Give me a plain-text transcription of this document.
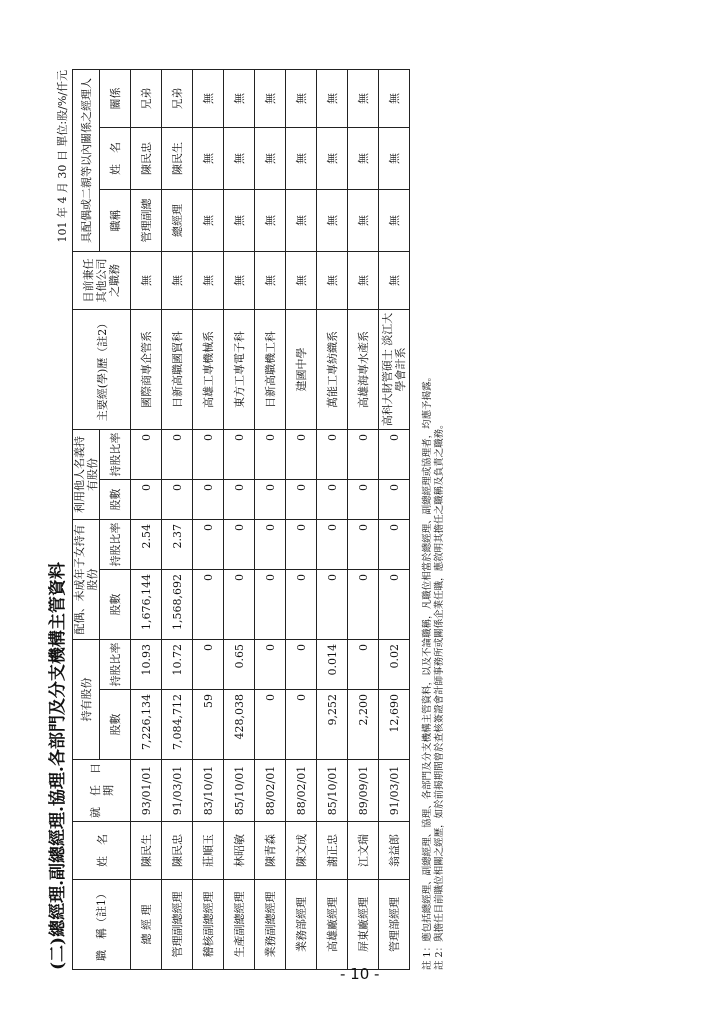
(二)總經理.副總經理.協理.各部門及分支機構主管資料
101 年 4 月 30 日 單位:股/%/仟元
職　稱（註1）	姓　名	就　任　日　期	持有股份		配偶、未成年子女持有股份		利用他人名義持有股份		主要經(學)歷（註2）	目前兼任其他公司之職務	具配偶或二親等以內關係之經理人		
			股數	持股比率	股數	持股比率	股數	持股比率			職稱	姓　名	關係
總 經 理	陳民生	93/01/01	7,226,134	10.93	1,676,144	2.54	0	0	國際商專企管系	無	管理副總	陳民忠	兄弟
管理副總經理	陳民忠	91/03/01	7,084,712	10.72	1,568,692	2.37	0	0	日新高職國貿科	無	總經理	陳民生	兄弟
稽核副總經理	莊順玉	83/10/01	59	0	0	0	0	0	高雄工專機械系	無	無	無	無
生產副總經理	林昭敏	85/10/01	428,038	0.65	0	0	0	0	東方工專電子科	無	無	無	無
業務副總經理	陳青森	88/02/01	0	0	0	0	0	0	日新高職機工科	無	無	無	無
業務部經理	陳文成	88/02/01	0	0	0	0	0	0	建國中學	無	無	無	無
高雄廠經理	謝正忠	85/10/01	9,252	0.014	0	0	0	0	萬能工專紡織系	無	無	無	無
屏東廠經理	江文瑞	89/09/01	2,200	0	0	0	0	0	高雄海專水產系	無	無	無	無
管理部經理	翁益郎	91/03/01	12,690	0.02	0	0	0	0	高科大財管碩士 淡江大學會計系	無	無	無	無
註 1：應包括總經理、副總經理、協理、各部門及分支機構主管資料，以及不論職稱，凡職位相當於總經理、副總經理或協理者，均應予揭露。 註 2：與擔任目前職位相關之經歷，如於前揭期間曾於查核簽證會計師事務所或關係企業任職，應敘明其擔任之職稱及負責之職務。
- 10 -
